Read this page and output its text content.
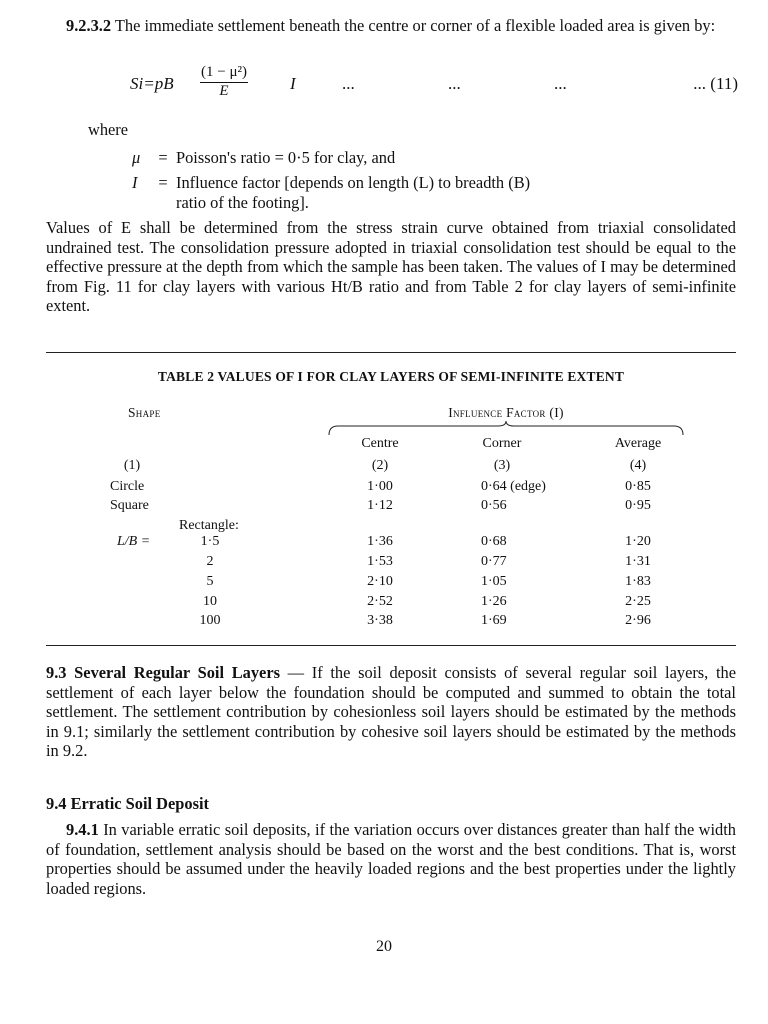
9.2.3.2 The immediate settlement beneath the centre or corner of a flexible loaded area is given by:
$Si=pB \frac{\text{(1 − μ²)}}{E}$ I	...	...	...	... (11)
where
μ = Poisson's ratio = 0·5 for clay, and
I = Influence factor [depends on length (L) to breadth (B)
ratio of the footing].
Values of E shall be determined from the stress strain curve obtained from triaxial consolidated undrained test. The consolidation pressure adopted in triaxial consolidation test should be equal to the effective pressure at the depth from which the sample has been taken. The values of I may be determined from Fig. 11 for clay layers with various Ht/B ratio and from Table 2 for clay layers of semi-infinite extent.
TABLE 2 VALUES OF I FOR CLAY LAYERS OF SEMI-INFINITE EXTENT
Shape	Influence Factor (I)
Centre	Corner	Average
(1)	(2)	(3)	(4)
Circle	1·00	0·64 (edge)	0·85
Square	1·12	0·56	0·95
Rectangle:
L/B =	1·5	1·36	0·68	1·20
2	1·53	0·77	1·31
5	2·10	1·05	1·83
10	2·52	1·26	2·25
100	3·38	1·69	2·96
9.3 Several Regular Soil Layers — If the soil deposit consists of several regular soil layers, the settlement of each layer below the foundation should be computed and summed to obtain the total settlement. The settlement contribution by cohesionless soil layers should be estimated by the methods in 9.1; similarly the settlement contribution by cohesive soil layers should be estimated by the methods in 9.2.
9.4 Erratic Soil Deposit
9.4.1 In variable erratic soil deposits, if the variation occurs over distances greater than half the width of foundation, settlement analysis should be based on the worst and the best conditions. That is, worst properties should be assumed under the heavily loaded regions and the best properties under the lightly loaded regions.
20
